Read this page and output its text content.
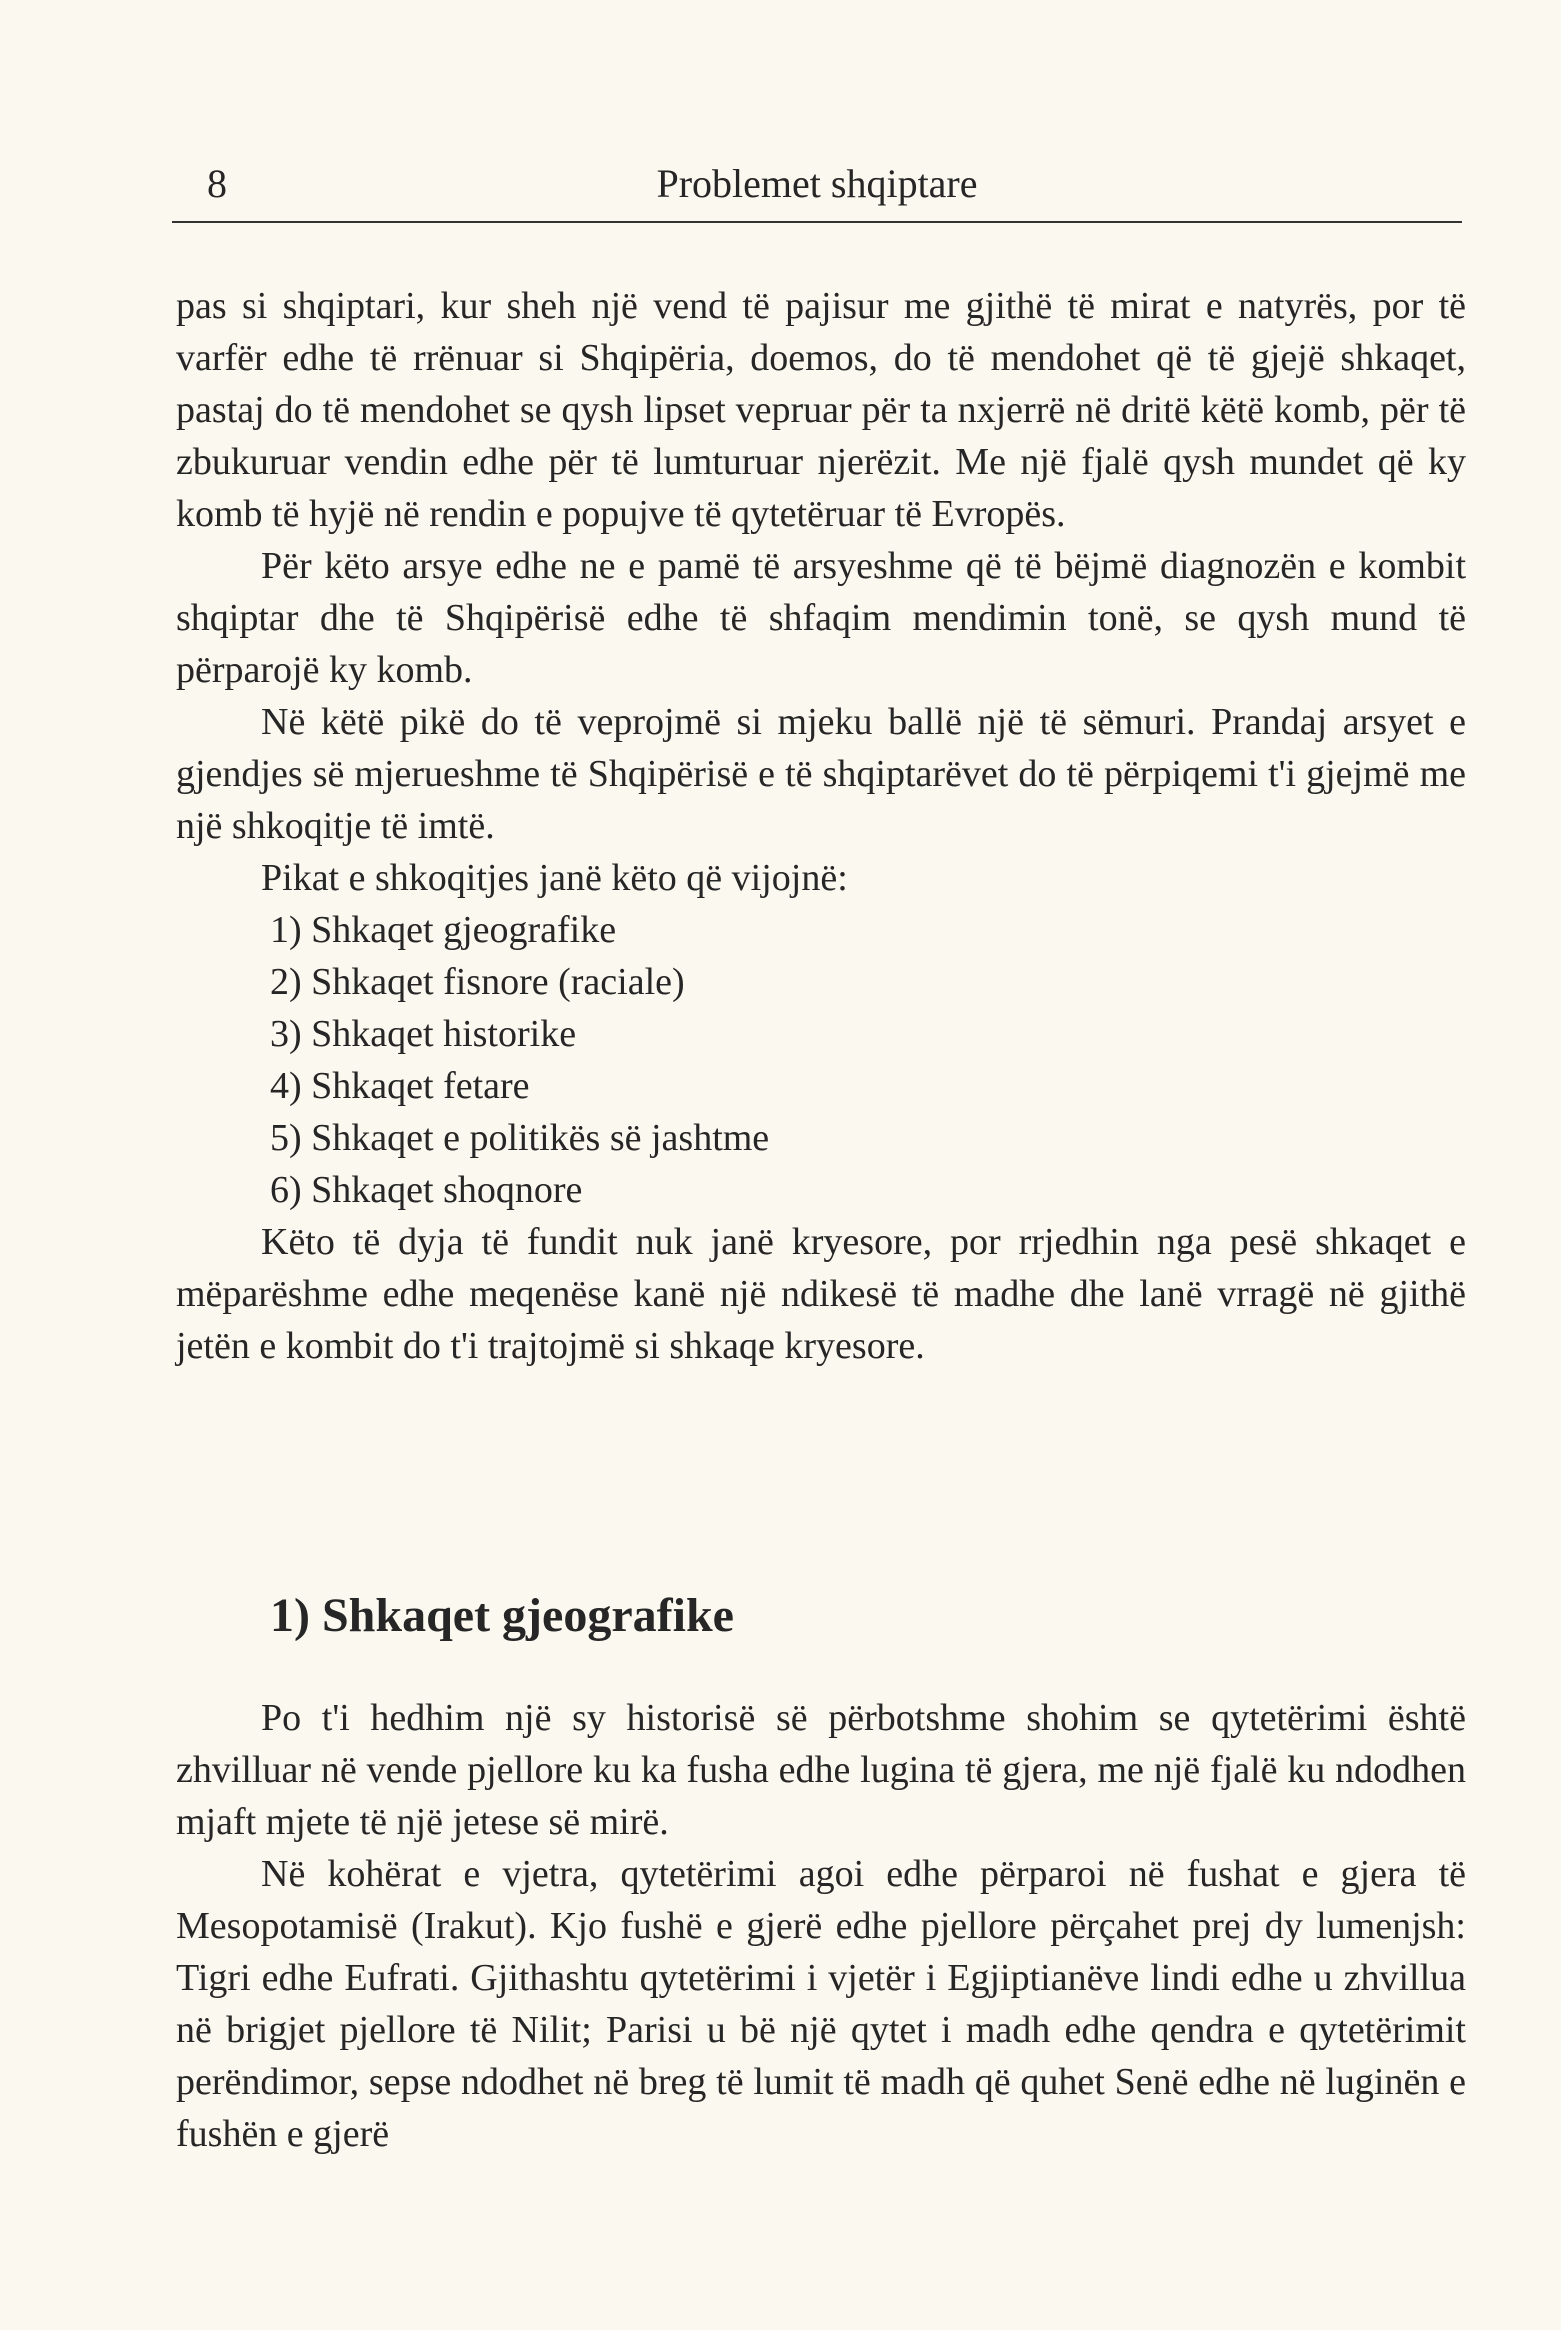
8	Problemet shqiptare

pas si shqiptari, kur sheh një vend të pajisur me gjithë të mirat e natyrës, por të varfër edhe të rrënuar si Shqipëria, doemos, do të mendohet që të gjejë shkaqet, pastaj do të mendohet se qysh lipset vepruar për ta nxjerrë në dritë këtë komb, për të zbukuruar vendin edhe për të lumturuar njerëzit. Me një fjalë qysh mundet që ky komb të hyjë në rendin e popujve të qytetëruar të Evropës.

Për këto arsye edhe ne e pamë të arsyeshme që të bëjmë diagnozën e kombit shqiptar dhe të Shqipërisë edhe të shfaqim mendimin tonë, se qysh mund të përparojë ky komb.

Në këtë pikë do të veprojmë si mjeku ballë një të sëmuri. Prandaj arsyet e gjendjes së mjerueshme të Shqipërisë e të shqiptarëvet do të përpiqemi t'i gjejmë me një shkoqitje të imtë.

Pikat e shkoqitjes janë këto që vijojnë:

1) Shkaqet gjeografike
2) Shkaqet fisnore (raciale)
3) Shkaqet historike
4) Shkaqet fetare
5) Shkaqet e politikës së jashtme
6) Shkaqet shoqnore

Këto të dyja të fundit nuk janë kryesore, por rrjedhin nga pesë shkaqet e mëparëshme edhe meqenëse kanë një ndikesë të madhe dhe lanë vrragë në gjithë jetën e kombit do t'i trajtojmë si shkaqe kryesore.

1) Shkaqet gjeografike

Po t'i hedhim një sy historisë së përbotshme shohim se qytetërimi është zhvilluar në vende pjellore ku ka fusha edhe lugina të gjera, me një fjalë ku ndodhen mjaft mjete të një jetese së mirë.

Në kohërat e vjetra, qytetërimi agoi edhe përparoi në fushat e gjera të Mesopotamisë (Irakut). Kjo fushë e gjerë edhe pjellore përçahet prej dy lumenjsh: Tigri edhe Eufrati. Gjithashtu qytetërimi i vjetër i Egjiptianëve lindi edhe u zhvillua në brigjet pjellore të Nilit; Parisi u bë një qytet i madh edhe qendra e qytetërimit perëndimor, sepse ndodhet në breg të lumit të madh që quhet Senë edhe në luginën e fushën e gjerë
